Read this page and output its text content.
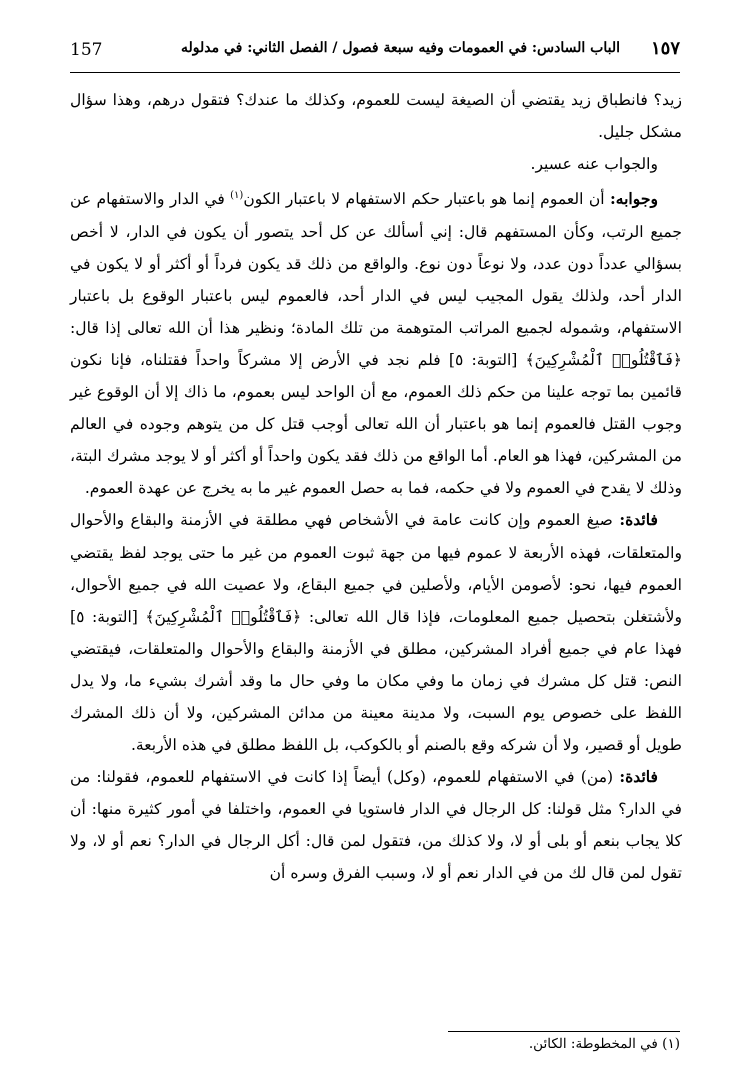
١٥٧
الباب السادس: في العمومات وفيه سبعة فصول / الفصل الثاني: في مدلوله
157

زيد؟ فانطباق زيد يقتضي أن الصيغة ليست للعموم، وكذلك ما عندك؟ فتقول درهم، وهذا سؤال مشكل جليل.

والجواب عنه عسير.

وجوابه: أن العموم إنما هو باعتبار حكم الاستفهام لا باعتبار الكون$^{(١)}$ في الدار والاستفهام عن جميع الرتب، وكأن المستفهم قال: إني أسألك عن كل أحد يتصور أن يكون في الدار، لا أخص بسؤالي عدداً دون عدد، ولا نوعاً دون نوع. والواقع من ذلك قد يكون فرداً أو أكثر أو لا يكون في الدار أحد، ولذلك يقول المجيب ليس في الدار أحد، فالعموم ليس باعتبار الوقوع بل باعتبار الاستفهام، وشموله لجميع المراتب المتوهمة من تلك المادة؛ ونظير هذا أن الله تعالى إذا قال: ﴿فَٱقْتُلُوا۟ ٱلْمُشْرِكِينَ﴾ [التوبة: ٥] فلم نجد في الأرض إلا مشركاً واحداً فقتلناه، فإنا نكون قائمين بما توجه علينا من حكم ذلك العموم، مع أن الواحد ليس بعموم، ما ذاك إلا أن الوقوع غير وجوب القتل فالعموم إنما هو باعتبار أن الله تعالى أوجب قتل كل من يتوهم وجوده في العالم من المشركين، فهذا هو العام. أما الواقع من ذلك فقد يكون واحداً أو أكثر أو لا يوجد مشرك البتة، وذلك لا يقدح في العموم ولا في حكمه، فما به حصل العموم غير ما به يخرج عن عهدة العموم.

فائدة: صيغ العموم وإن كانت عامة في الأشخاص فهي مطلقة في الأزمنة والبقاع والأحوال والمتعلقات، فهذه الأربعة لا عموم فيها من جهة ثبوت العموم من غير ما حتى يوجد لفظ يقتضي العموم فيها، نحو: لأصومن الأيام، ولأصلين في جميع البقاع، ولا عصيت الله في جميع الأحوال، ولأشتغلن بتحصيل جميع المعلومات، فإذا قال الله تعالى: ﴿فَٱقْتُلُوا۟ ٱلْمُشْرِكِينَ﴾ [التوبة: ٥] فهذا عام في جميع أفراد المشركين، مطلق في الأزمنة والبقاع والأحوال والمتعلقات، فيقتضي النص: قتل كل مشرك في زمان ما وفي مكان ما وفي حال ما وقد أشرك بشيء ما، ولا يدل اللفظ على خصوص يوم السبت، ولا مدينة معينة من مدائن المشركين، ولا أن ذلك المشرك طويل أو قصير، ولا أن شركه وقع بالصنم أو بالكوكب، بل اللفظ مطلق في هذه الأربعة.

فائدة: (من) في الاستفهام للعموم، (وكل) أيضاً إذا كانت في الاستفهام للعموم، فقولنا: من في الدار؟ مثل قولنا: كل الرجال في الدار فاستويا في العموم، واختلفا في أمور كثيرة منها: أن كلا يجاب بنعم أو بلى أو لا، ولا كذلك من، فتقول لمن قال: أكل الرجال في الدار؟ نعم أو لا، ولا تقول لمن قال لك من في الدار نعم أو لا، وسبب الفرق وسره أن

(١) في المخطوطة: الكائن.
